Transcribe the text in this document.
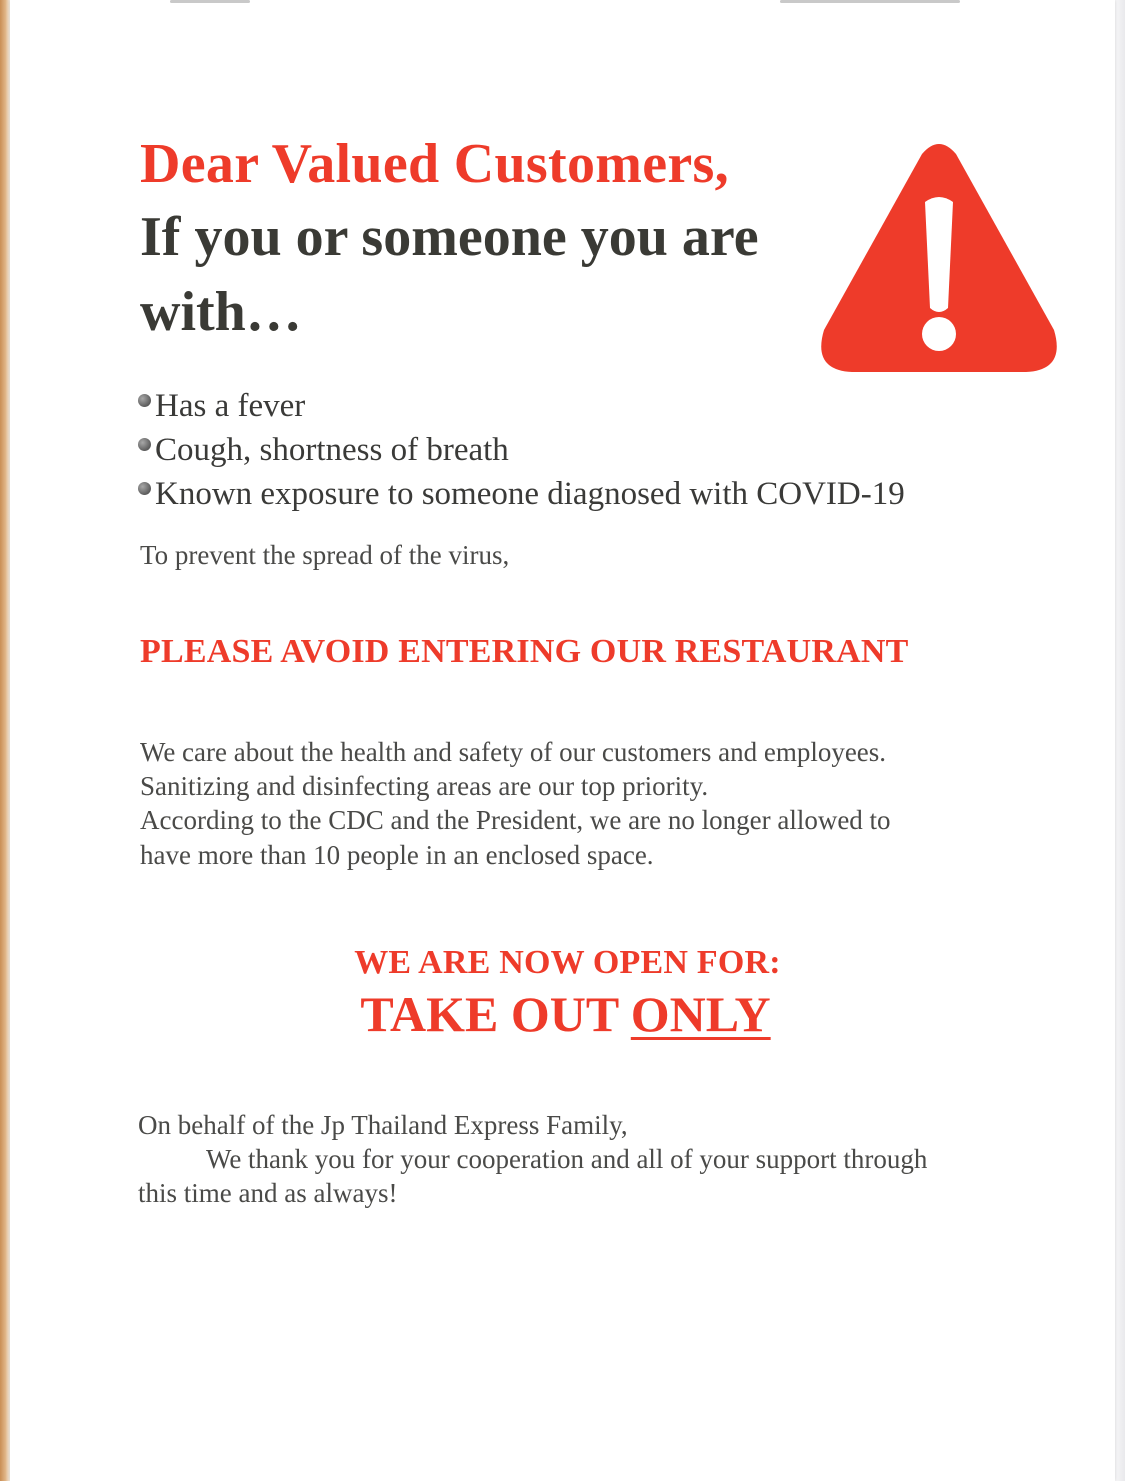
Dear Valued Customers,
If you or someone you are
with…
Has a fever
Cough, shortness of breath
Known exposure to someone diagnosed with COVID-19

To prevent the spread of the virus,

PLEASE AVOID ENTERING OUR RESTAURANT

We care about the health and safety of our customers and employees.

Sanitizing and disinfecting areas are our top priority.

According to the CDC and the President, we are no longer allowed to

have more than 10 people in an enclosed space.

WE ARE NOW OPEN FOR:

TAKE OUT ONLY

On behalf of the Jp Thailand Express Family,

We thank you for your cooperation and all of your support through

this time and as always!
